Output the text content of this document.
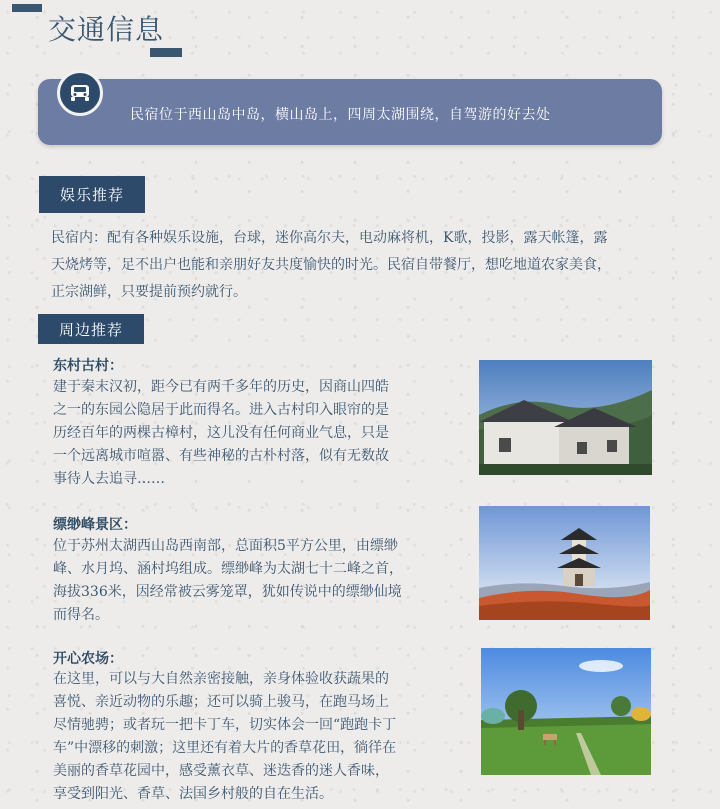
交通信息
民宿位于西山岛中岛，横山岛上，四周太湖围绕，自驾游的好去处
娱乐推荐
民宿内：配有各种娱乐设施，台球，迷你高尔夫，电动麻将机，K歌，投影，露天帐篷，露
天烧烤等，足不出户也能和亲朋好友共度愉快的时光。民宿自带餐厅，想吃地道农家美食，
正宗湖鲜，只要提前预约就行。
周边推荐
东村古村：
建于秦末汉初，距今已有两千多年的历史，因商山四皓
之一的东园公隐居于此而得名。进入古村印入眼帘的是
历经百年的两棵古樟村，这儿没有任何商业气息，只是
一个远离城市喧嚣、有些神秘的古朴村落，似有无数故
事待人去追寻……
缥缈峰景区：
位于苏州太湖西山岛西南部，总面积5平方公里，由缥缈
峰、水月坞、涵村坞组成。缥缈峰为太湖七十二峰之首，
海拔336米，因经常被云雾笼罩，犹如传说中的缥缈仙境
而得名。
开心农场：
在这里，可以与大自然亲密接触，亲身体验收获蔬果的
喜悦、亲近动物的乐趣；还可以骑上骏马，在跑马场上
尽情驰骋；或者玩一把卡丁车，切实体会一回“跑跑卡丁
车”中漂移的刺激；这里还有着大片的香草花田，徜徉在
美丽的香草花园中，感受薰衣草、迷迭香的迷人香味，
享受到阳光、香草、法国乡村般的自在生活。
